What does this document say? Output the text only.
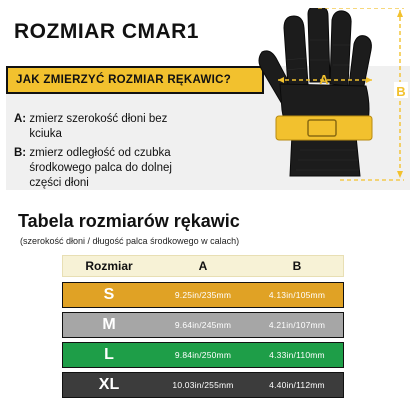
ROZMIAR CMAR1
JAK ZMIERZYĆ ROZMIAR RĘKAWIC?
A: zmierz szerokość dłoni bez kciuka
B: zmierz odległość od czubka środkowego palca do dolnej części dłoni
A
B
Tabela rozmiarów rękawic
(szerokość dłoni / długość palca środkowego w calach)
Rozmiar	A	B
S	9.25in/235mm	4.13in/105mm
M	9.64in/245mm	4.21in/107mm
L	9.84in/250mm	4.33in/110mm
XL	10.03in/255mm	4.40in/112mm
